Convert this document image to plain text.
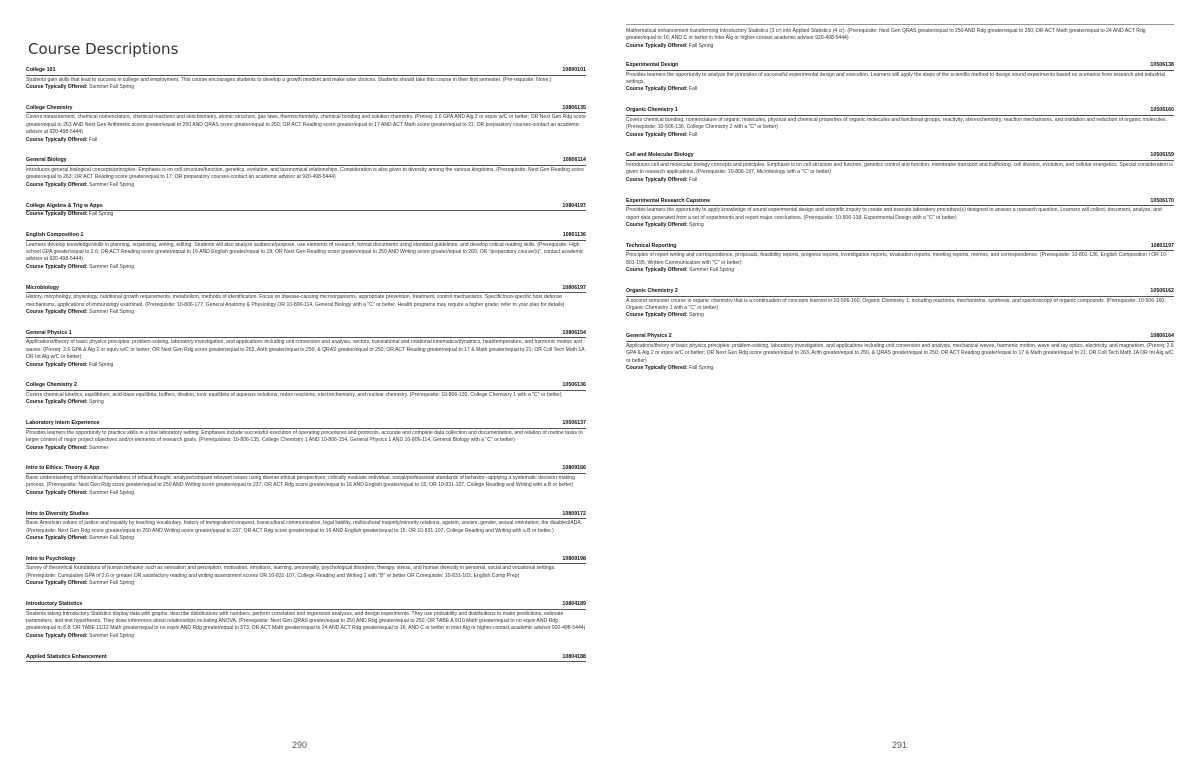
Course Descriptions
College 101	10890101
Students gain skills that lead to success in college and employment. This course encourages students to develop a growth mindset and make wise choices. Students should take this course in their first semester. (Pre-requisite: None.)
Course Typically Offered: Summer Fall Spring
College Chemistry	10806135
Covers measurement, chemical nomenclature, chemical reactions and stoichiometry, atomic structure, gas laws, thermochemistry, chemical bonding and solution chemistry. (Prereq: 2.6 GPA AND Alg 2 or equiv w/C or better; OR Next Gen Rdg score greater/equal to 263 AND Next Gen Arithmetic score greater/equal to 250 AND QRAS score greater/equal to 250; OR ACT Reading score greater/equal to 17 AND ACT Math score greater/equal to 21; OR preparatory courses-contact an academic advisor at 920-498-5444)
Course Typically Offered: Fall
General Biology	10806114
Introduces general biological concepts/principles. Emphasis is on cell structure/function, genetics, evolution, and taxonomical relationships. Consideration is also given to diversity among the various kingdoms. (Prerequisite: Next Gen Reading score greater/equal to 263; OR ACT Reading score greater/equal to 17; OR preparatory courses-contact an academic advisor at 920-498-5444)
Course Typically Offered: Summer Fall Spring
College Algebra & Trig w Apps	10804197
Course Typically Offered: Fall Spring
English Composition 1	10801136
Learners develop knowledge/skills in planning, organizing, writing, editing. Students will also analyze audience/purpose, use elements of research, format documents using standard guidelines, and develop critical reading skills. (Prerequisite: High school GPA greater/equal to 2.6; OR ACT Reading score greater/equal to 16 AND English greater/equal to 18; OR Next Gen Reading score greater/equal to 250 AND Writing score greater/equal to 260; OR "preparatory course(s)", contact academic advisor at 920-498-5444)
Course Typically Offered: Summer Fall Spring
Microbiology	10806197
History, morphology, physiology, nutritional growth requirements, metabolism, methods of identification. Focus on disease-causing microorganisms, appropriate prevention, treatment, control mechanisms. Specific/non-specific host defense mechanisms, applications of immunology examined. (Prerequisite: 10-806-177, General Anatomy & Physiology OR 10-806-114, General Biology with a "C" or better. Health programs may require a higher grade; refer to your plan for details)
Course Typically Offered: Summer Fall Spring
General Physics 1	10806154
Applications/theory of basic physics principles: problem-solving, laboratory investigation, and applications including unit conversion and analysis, vectors, translational and rotational kinematics/dynamics, heat/temperature, and harmonic motion and waves. (Prereq: 2.6 GPA & Alg 2 or equiv w/C or better; OR Next Gen Rdg score greater/equal to 263, Arith greater/equal to 250, & QRAS greater/equal to 250; OR ACT Reading greater/equal to 17 & Math greater/equal to 21; OR Coll Tech Math 1A OR Int Alg w/C or better)
Course Typically Offered: Fall Spring
College Chemistry 2	10506136
Covers chemical kinetics, equilibrium, acid-base equilibria, buffers, titration, ionic equilibria of aqueous solutions, redox reactions, electrochemistry, and nuclear chemistry. (Prerequisite: 10-806-135, College Chemistry 1 with a "C" or better)
Course Typically Offered: Spring
Laboratory Intern Experience	10506137
Provides learners the opportunity to practice skills in a true laboratory setting. Emphases include successful execution of operating procedures and protocols, accurate and complete data collection and documentation, and relation of routine tasks to larger context of major project objectives and/or elements of research goals. (Prerequisites: 10-806-135, College Chemistry 1 AND 10-806-154, General Physics 1 AND 10-806-114, General Biology with a "C" or better)
Course Typically Offered: Summer
Intro to Ethics: Theory & App	10809166
Basic understanding of theoretical foundations of ethical thought; analyze/compare relevant issues using diverse ethical perspectives; critically evaluate individual, social/professional standards of behavior--applying a systematic decision-making process. (Prerequisite: Next Gen Rdg score greater/equal to 250 AND Writing score greater/equal to 237; OR ACT Rdg score greater/equal to 16 AND English greater/equal to 15; OR 10-831-107, College Reading and Writing with a B or better)
Course Typically Offered: Summer Fall Spring
Intro to Diversity Studies	10809172
Basic American values of justice and equality by teaching vocabulary, history of immigration/conquest, transcultural communication, legal liability, multicultural majority/minority relations, ageism, sexism, gender, sexual orientation, the disabled/ADA. (Prerequisite: Next Gen Rdg score greater/equal to 250 AND Writing score greater/equal to 237; OR ACT Rdg score greater/equal to 16 AND English greater/equal to 15; OR 10-831-107, College Reading and Writing with a B or better.)
Course Typically Offered: Summer Fall Spring
Intro to Psychology	10809198
Survey of theoretical foundations of human behavior such as sensation and perception, motivation, emotions, learning, personality, psychological disorders, therapy, stress, and human diversity in personal, social and vocational settings. (Prerequisite: Cumulative GPA of 2.6 or greater OR satisfactory reading and writing assessment scores OR 10-831-107, College Reading and Writing 1 with "B" or better OR Corequisite: 10-831-102, English Comp Prep)
Course Typically Offered: Summer Fall Spring
Introductory Statistics	10804189
Students taking Introductory Statistics display data with graphs; describe distributions with numbers, perform correlation and regression analyses, and design experiments. They use probability and distributions to make predictions, estimate parameters, and test hypotheses. They draw inferences about relationships including ANOVA. (Prerequisite: Next Gen QRAS greater/equal to 250 AND Rdg greater/equal to 250; OR TABE A 9/10 Math greater/equal to no equiv AND Rdg greater/equal to 8.8; OR TABE 11/12 Math greater/equal to no equiv AND Rdg greater/equal to 573; OR ACT Math greater/equal to 24 AND ACT Rdg greater/equal to 16; AND C or better in Inter Alg or higher-contact academic advisor 920-498-5444)
Course Typically Offered: Summer Fall Spring
Applied Statistics Enhancement	10804188
Mathematical enhancement transforming Introductory Statistics (3 cr) into Applied Statistics (4 cr). (Prerequisite: Next Gen QRAS greater/equal to 250 AND Rdg greater/equal to 250; OR ACT Math greater/equal to 24 AND ACT Rdg greater/equal to 16; AND C or better in Inter Alg or higher-contact academic advisor 920-498-5444)
Course Typically Offered: Fall Spring
Experimental Design	10506138
Provides learners the opportunity to analyze the principles of successful experimental design and execution. Learners will apply the steps of the scientific method to design sound experiments based on scenarios from research and industrial settings.
Course Typically Offered: Fall
Organic Chemistry 1	10506160
Covers chemical bonding, nomenclature of organic molecules, physical and chemical properties of organic molecules and functional groups, reactivity, stereochemistry, reaction mechanisms, and oxidation and reduction of organic molecules. (Prerequisite: 10-506-136, College Chemistry 2 with a "C" or better)
Course Typically Offered: Fall
Cell and Molecular Biology	10506159
Introduces cell and molecular biology concepts and principles. Emphasis is on cell structure and function, genetics control and function, membrane transport and trafficking, cell division, evolution, and cellular energetics. Special consideration is given to research applications. (Prerequisite: 10-806-197, Microbiology with a "C" or better)
Course Typically Offered: Fall
Experimental Research Capstone	10506170
Provides learners the opportunity to apply knowledge of sound experimental design and scientific inquiry to create and execute laboratory procedure(s) designed to answer a research question. Learners will collect, document, analyze, and report data generated from a set of experiments and report major conclusions. (Prerequisite: 10-506-138, Experimental Design with a "C" or better)
Course Typically Offered: Spring
Technical Reporting	10801197
Principles of report writing and correspondence, proposals, feasibility reports, progress reports, investigation reports, evaluation reports, meeting reports, memos, and correspondence. (Prerequisite: 10-801-136, English Composition I OR 10-801-195, Written Communication with "C" or better)
Course Typically Offered: Summer Fall Spring
Organic Chemistry 2	10506162
A second semester course in organic chemistry that is a continuation of concepts learned in 10-506-160, Organic Chemistry 1, including reactions, mechanisms, synthesis, and spectroscopy of organic compounds. (Prerequisite: 10-506-160, Organic Chemistry 1 with a "C" or better)
Course Typically Offered: Spring
General Physics 2	10806164
Applications/theory of basic physics principles: problem-solving, laboratory investigation, and applications including unit conversion and analysis, mechanical waves, harmonic motion, wave and ray optics, electricity, and magnetism. (Prereq: 2.6 GPA & Alg 2 or equiv w/C or better; OR Next Gen Rdg score greater/equal to 263, Arith greater/equal to 250, & QRAS greater/equal to 250; OR ACT Reading greater/equal to 17 & Math greater/equal to 21; OR Coll Tech Math 1A OR Int Alg w/C or better)
Course Typically Offered: Fall Spring
290	291
